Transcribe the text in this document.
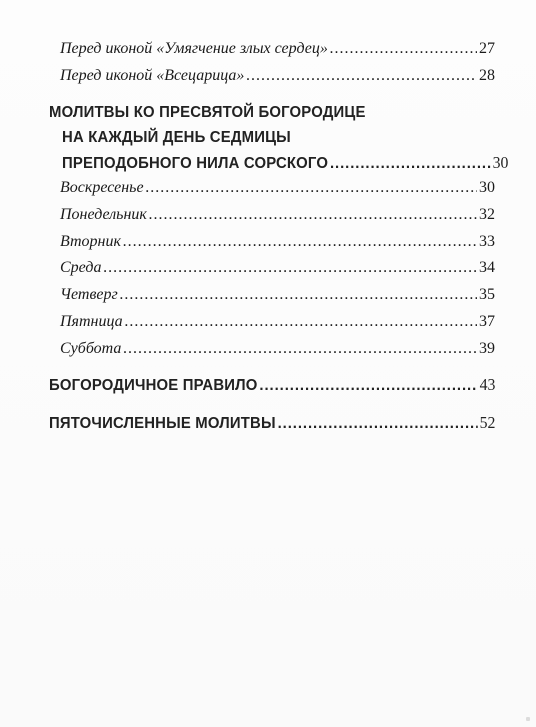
Перед иконой «Умягчение злых сердец» .....	27
Перед иконой «Всецарица» .....	28
МОЛИТВЫ КО ПРЕСВЯТОЙ БОГОРОДИЦЕ
НА КАЖДЫЙ ДЕНЬ СЕДМИЦЫ
ПРЕПОДОБНОГО НИЛА СОРСКОГО .....	30
Воскресенье .....	30
Понедельник .....	32
Вторник .....	33
Среда .....	34
Четверг .....	35
Пятница .....	37
Суббота .....	39
БОГОРОДИЧНОЕ ПРАВИЛО .....	43
ПЯТОЧИСЛЕННЫЕ МОЛИТВЫ .....	52
